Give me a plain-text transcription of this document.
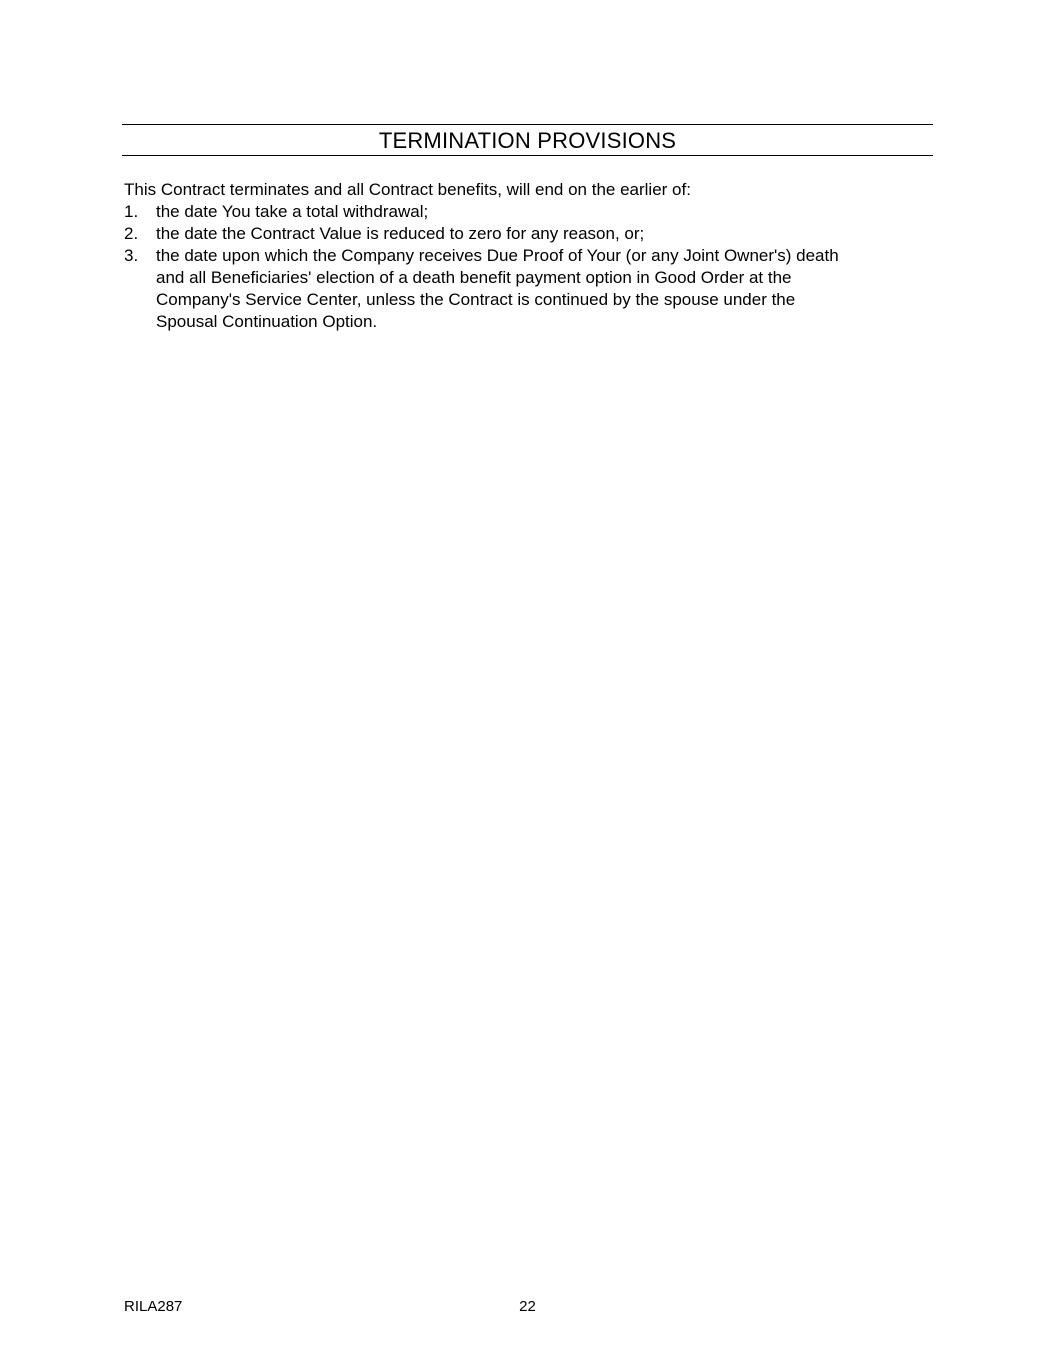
TERMINATION PROVISIONS

This Contract terminates and all Contract benefits, will end on the earlier of:

1.	the date You take a total withdrawal;
2.	the date the Contract Value is reduced to zero for any reason, or;
3.	the date upon which the Company receives Due Proof of Your (or any Joint Owner's) death
and all Beneficiaries' election of a death benefit payment option in Good Order at the
Company's Service Center, unless the Contract is continued by the spouse under the
Spousal Continuation Option.
RILA287	22
